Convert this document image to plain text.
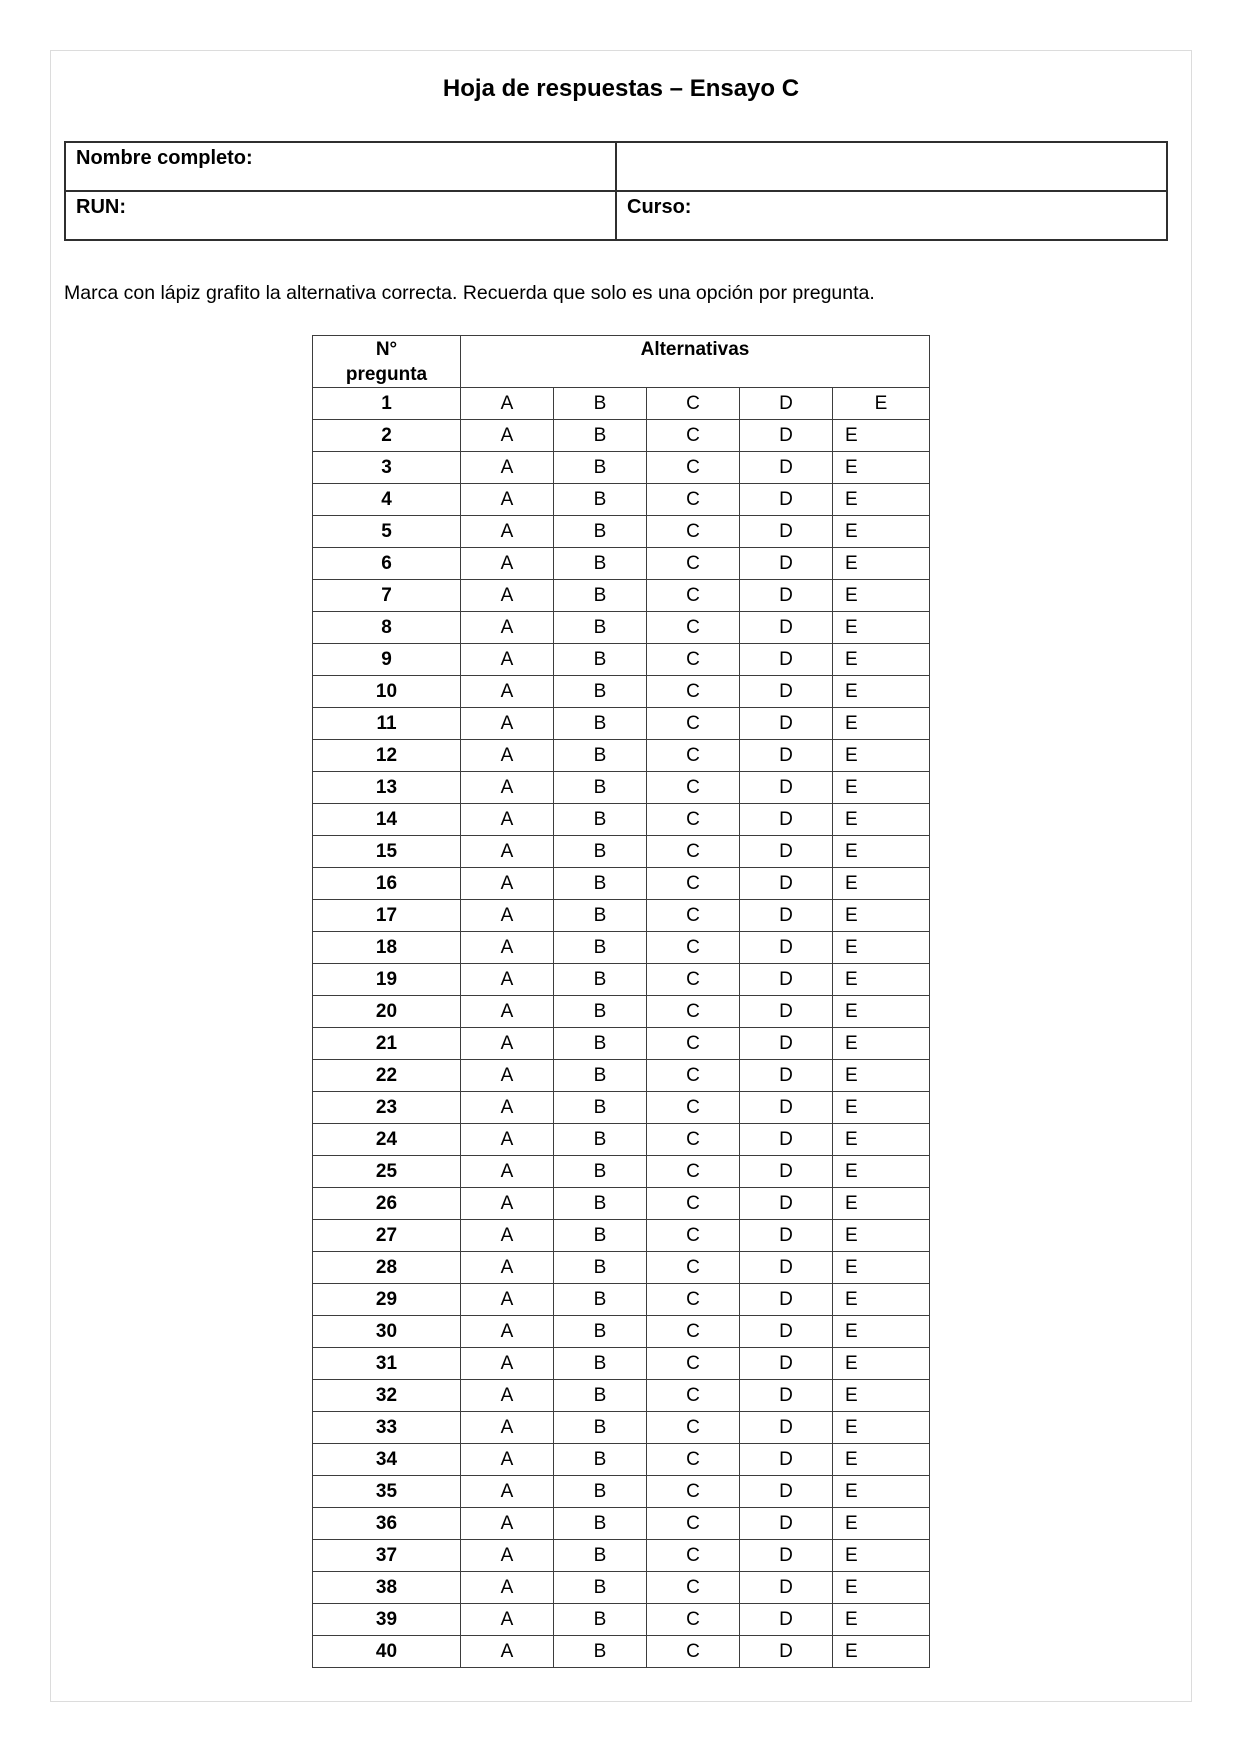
Hoja de respuestas – Ensayo C
Nombre completo:	
RUN:	Curso:

Marca con lápiz grafito la alternativa correcta. Recuerda que solo es una opción por pregunta.

N°
pregunta	Alternativas				
1	A	B	C	D	E
2	A	B	C	D	E
3	A	B	C	D	E
4	A	B	C	D	E
5	A	B	C	D	E
6	A	B	C	D	E
7	A	B	C	D	E
8	A	B	C	D	E
9	A	B	C	D	E
10	A	B	C	D	E
11	A	B	C	D	E
12	A	B	C	D	E
13	A	B	C	D	E
14	A	B	C	D	E
15	A	B	C	D	E
16	A	B	C	D	E
17	A	B	C	D	E
18	A	B	C	D	E
19	A	B	C	D	E
20	A	B	C	D	E
21	A	B	C	D	E
22	A	B	C	D	E
23	A	B	C	D	E
24	A	B	C	D	E
25	A	B	C	D	E
26	A	B	C	D	E
27	A	B	C	D	E
28	A	B	C	D	E
29	A	B	C	D	E
30	A	B	C	D	E
31	A	B	C	D	E
32	A	B	C	D	E
33	A	B	C	D	E
34	A	B	C	D	E
35	A	B	C	D	E
36	A	B	C	D	E
37	A	B	C	D	E
38	A	B	C	D	E
39	A	B	C	D	E
40	A	B	C	D	E
